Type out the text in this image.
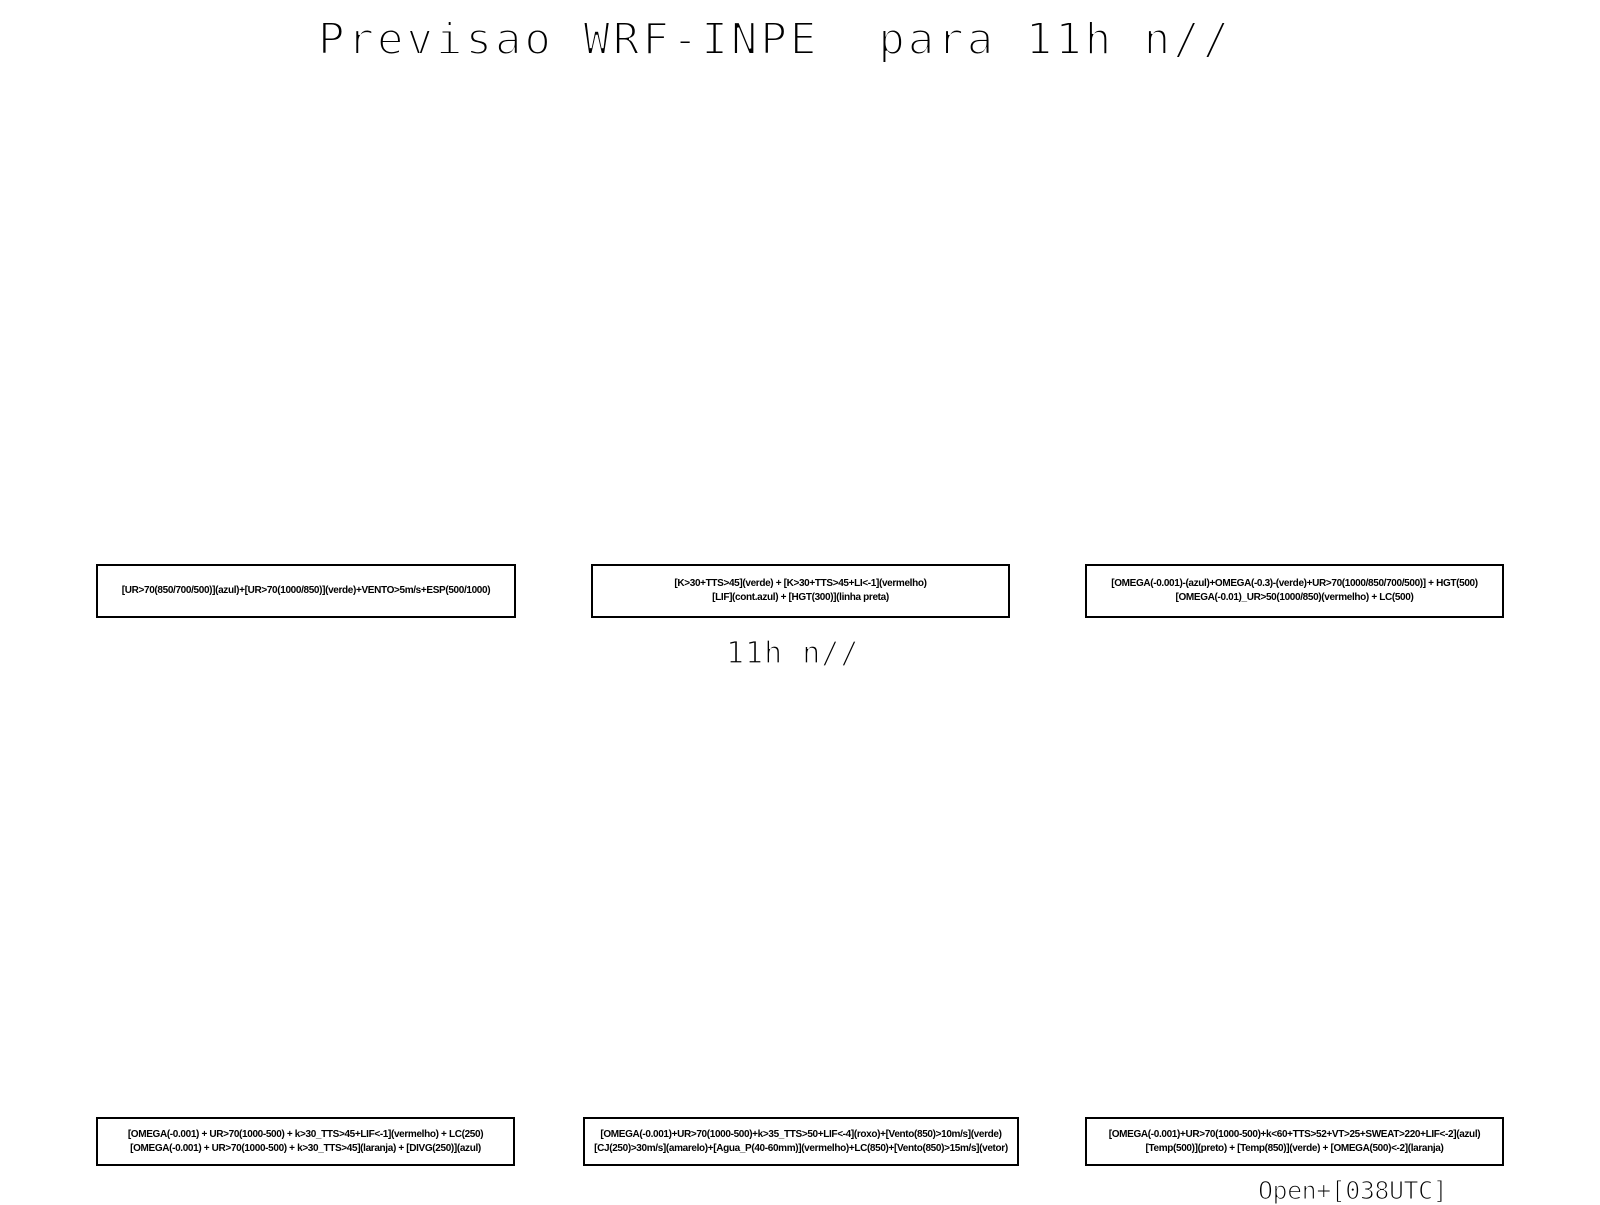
Previsao WRF-INPE  para 11h n//
[UR>70(850/700/500)](azul)+[UR>70(1000/850)](verde)+VENTO>5m/s+ESP(500/1000)
[K>30+TTS>45](verde) + [K>30+TTS>45+LI<-1](vermelho)
[LIF](cont.azul) + [HGT(300)](linha preta)
[OMEGA(-0.001)-(azul)+OMEGA(-0.3)-(verde)+UR>70(1000/850/700/500)] + HGT(500)
[OMEGA(-0.01)_UR>50(1000/850)(vermelho) + LC(500)
11h n//
[OMEGA(-0.001) + UR>70(1000-500) + k>30_TTS>45+LIF<-1](vermelho) + LC(250)
[OMEGA(-0.001) + UR>70(1000-500) + k>30_TTS>45](laranja) + [DIVG(250)](azul)
[OMEGA(-0.001)+UR>70(1000-500)+k>35_TTS>50+LIF<-4](roxo)+[Vento(850)>10m/s](verde)
[CJ(250)>30m/s](amarelo)+[Agua_P(40-60mm)](vermelho)+LC(850)+[Vento(850)>15m/s](vetor)
[OMEGA(-0.001)+UR>70(1000-500)+k<60+TTS>52+VT>25+SWEAT>220+LIF<-2](azul)
[Temp(500)](preto) + [Temp(850)](verde) + [OMEGA(500)<-2](laranja)
Open+[038UTC]
